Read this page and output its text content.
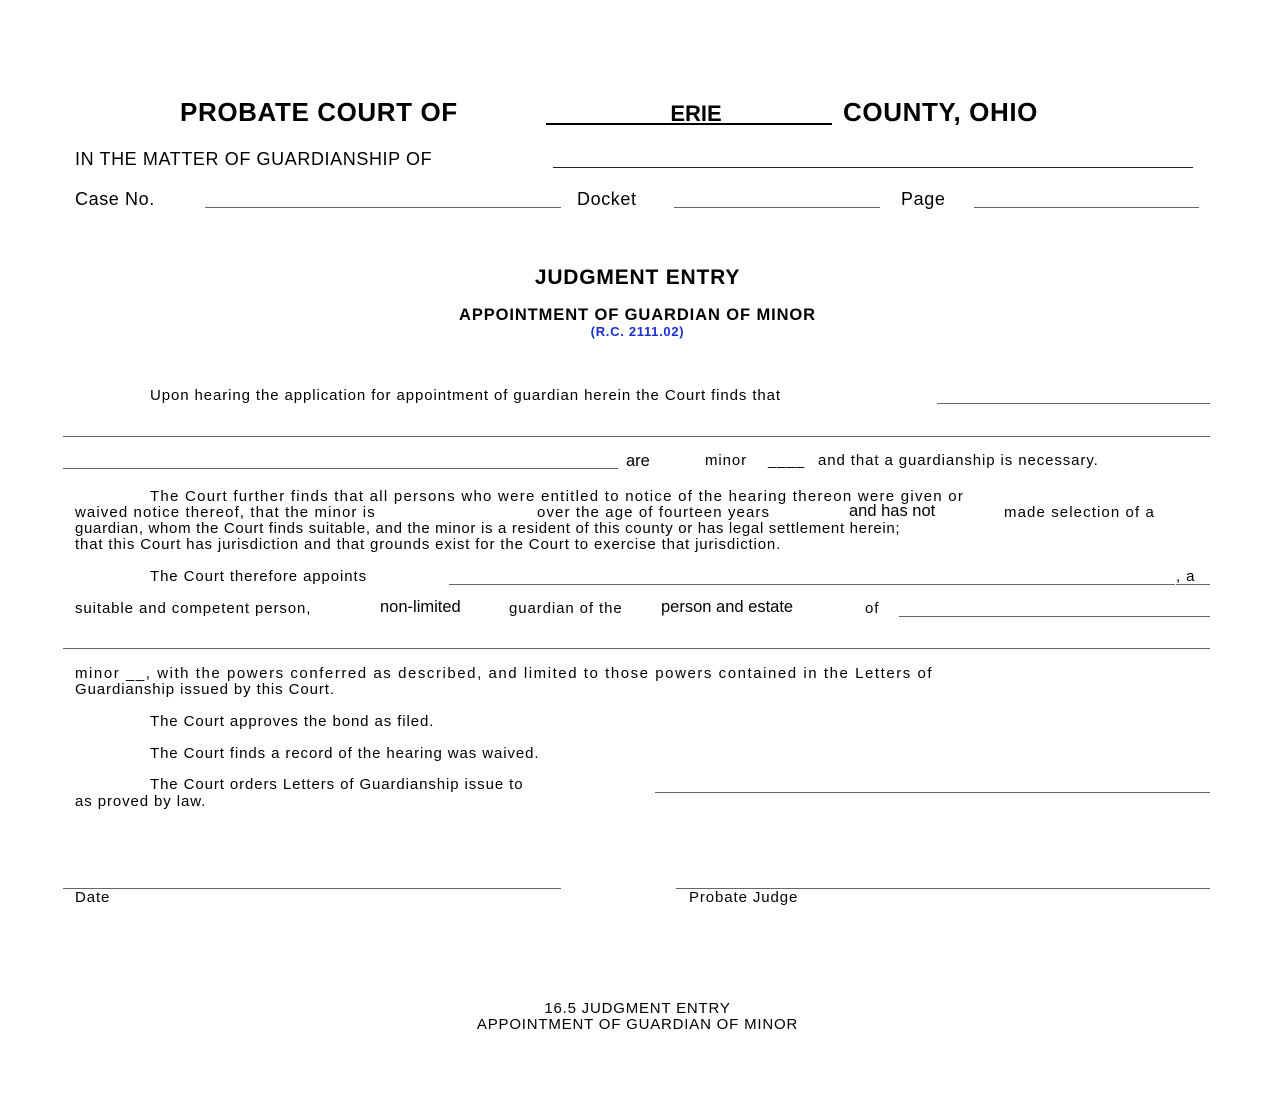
PROBATE COURT OF	ERIE	COUNTY, OHIO
IN THE MATTER OF GUARDIANSHIP OF
Case No.	Docket	Page
JUDGMENT ENTRY
APPOINTMENT OF GUARDIAN OF MINOR
(R.C. 2111.02)
Upon hearing the application for appointment of guardian herein the Court finds that
are	minor ____ and that a guardianship is necessary.
The Court further finds that all persons who were entitled to notice of the hearing thereon were given or
waived notice thereof, that the minor is	over the age of fourteen years	and has not	made selection of a
guardian, whom the Court finds suitable, and the minor is a resident of this county or has legal settlement herein;
that this Court has jurisdiction and that grounds exist for the Court to exercise that jurisdiction.
The Court therefore appoints	, a
suitable and competent person,	non-limited	guardian of the person and estate	of
minor __, with the powers conferred as described, and limited to those powers contained in the Letters of
Guardianship issued by this Court.
The Court approves the bond as filed.
The Court finds a record of the hearing was waived.
The Court orders Letters of Guardianship issue to
as proved by law.
Date	Probate Judge
16.5 JUDGMENT ENTRY
APPOINTMENT OF GUARDIAN OF MINOR
